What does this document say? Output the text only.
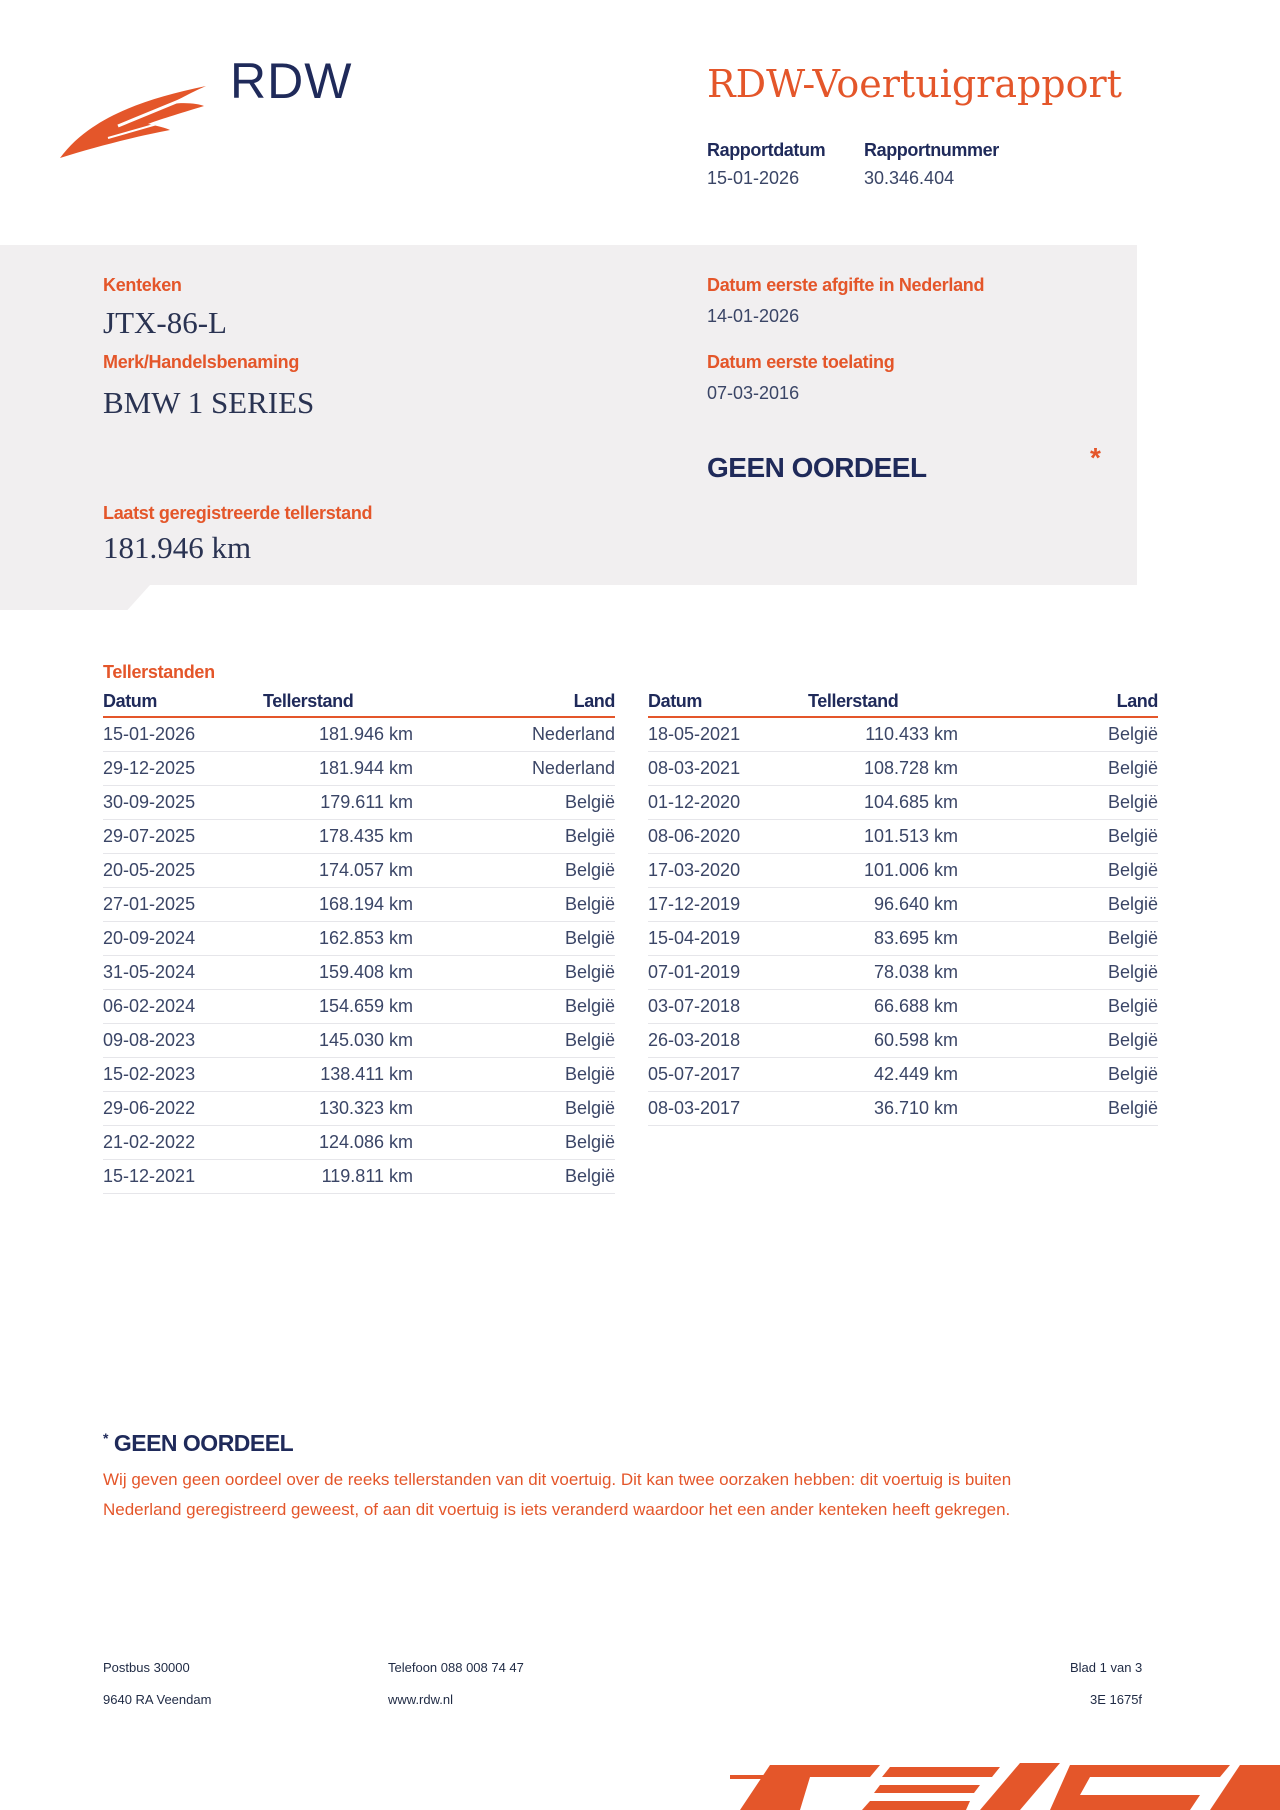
RDW	RDW-Voertuigrapport
Rapportdatum
15-01-2026
Rapportnummer
30.346.404
Kenteken
JTX-86-L
Merk/Handelsbenaming
BMW 1 SERIES
Laatst geregistreerde tellerstand
181.946 km
Datum eerste afgifte in Nederland
14-01-2026
Datum eerste toelating
07-03-2016
GEEN OORDEEL	*
Tellerstanden
Datum	Tellerstand	Land
15-01-2026	181.946 km	Nederland
29-12-2025	181.944 km	Nederland
30-09-2025	179.611 km	België
29-07-2025	178.435 km	België
20-05-2025	174.057 km	België
27-01-2025	168.194 km	België
20-09-2024	162.853 km	België
31-05-2024	159.408 km	België
06-02-2024	154.659 km	België
09-08-2023	145.030 km	België
15-02-2023	138.411 km	België
29-06-2022	130.323 km	België
21-02-2022	124.086 km	België
15-12-2021	119.811 km	België
Datum	Tellerstand	Land
18-05-2021	110.433 km	België
08-03-2021	108.728 km	België
01-12-2020	104.685 km	België
08-06-2020	101.513 km	België
17-03-2020	101.006 km	België
17-12-2019	96.640 km	België
15-04-2019	83.695 km	België
07-01-2019	78.038 km	België
03-07-2018	66.688 km	België
26-03-2018	60.598 km	België
05-07-2017	42.449 km	België
08-03-2017	36.710 km	België
* GEEN OORDEEL
Wij geven geen oordeel over de reeks tellerstanden van dit voertuig. Dit kan twee oorzaken hebben: dit voertuig is buiten Nederland geregistreerd geweest, of aan dit voertuig is iets veranderd waardoor het een ander kenteken heeft gekregen.
Postbus 30000
9640 RA Veendam
Telefoon 088 008 74 47
www.rdw.nl
Blad 1 van 3
3E 1675f
